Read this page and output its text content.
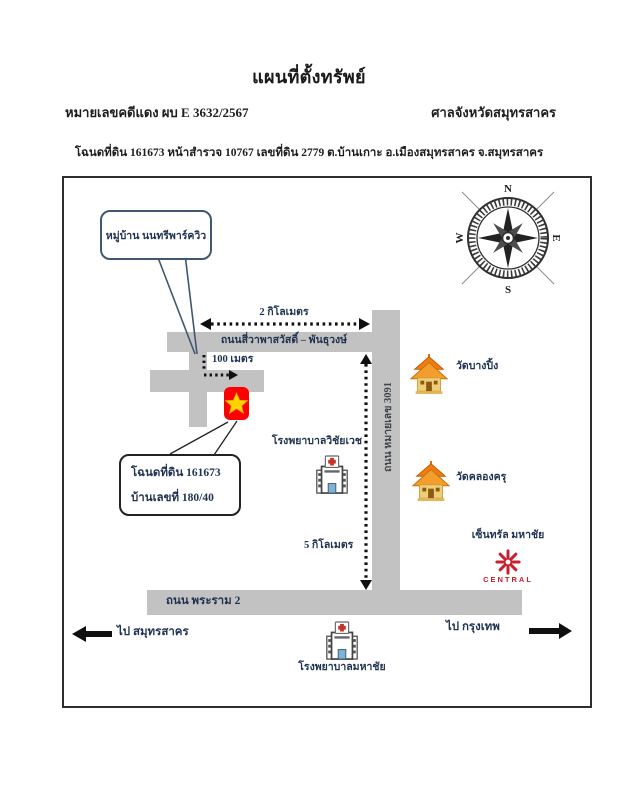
แผนที่ตั้งทรัพย์
หมายเลขคดีแดง ผบ E 3632/2567	ศาลจังหวัดสมุทรสาคร
โฉนดที่ดิน 161673 หน้าสำรวจ 10767 เลขที่ดิน 2779 ต.บ้านเกาะ อ.เมืองสมุทรสาคร จ.สมุทรสาคร
N
S
E
W
หมู่บ้าน นนทรีพาร์ควิว
โฉนดที่ดิน 161673
บ้านเลขที่ 180/40
2 กิโลเมตร
100 เมตร
5 กิโลเมตร
ถนนสี่วาพาสวัสดิ์ – พันธุวงษ์
ถนน หมายเลข 3091
ถนน พระราม 2
วัดบางปิ้ง
วัดคลองครุ
โรงพยาบาลวิชัยเวช
เซ็นทรัล มหาชัย
CENTRAL
ไป สมุทรสาคร	ไป กรุงเทพ
โรงพยาบาลมหาชัย
